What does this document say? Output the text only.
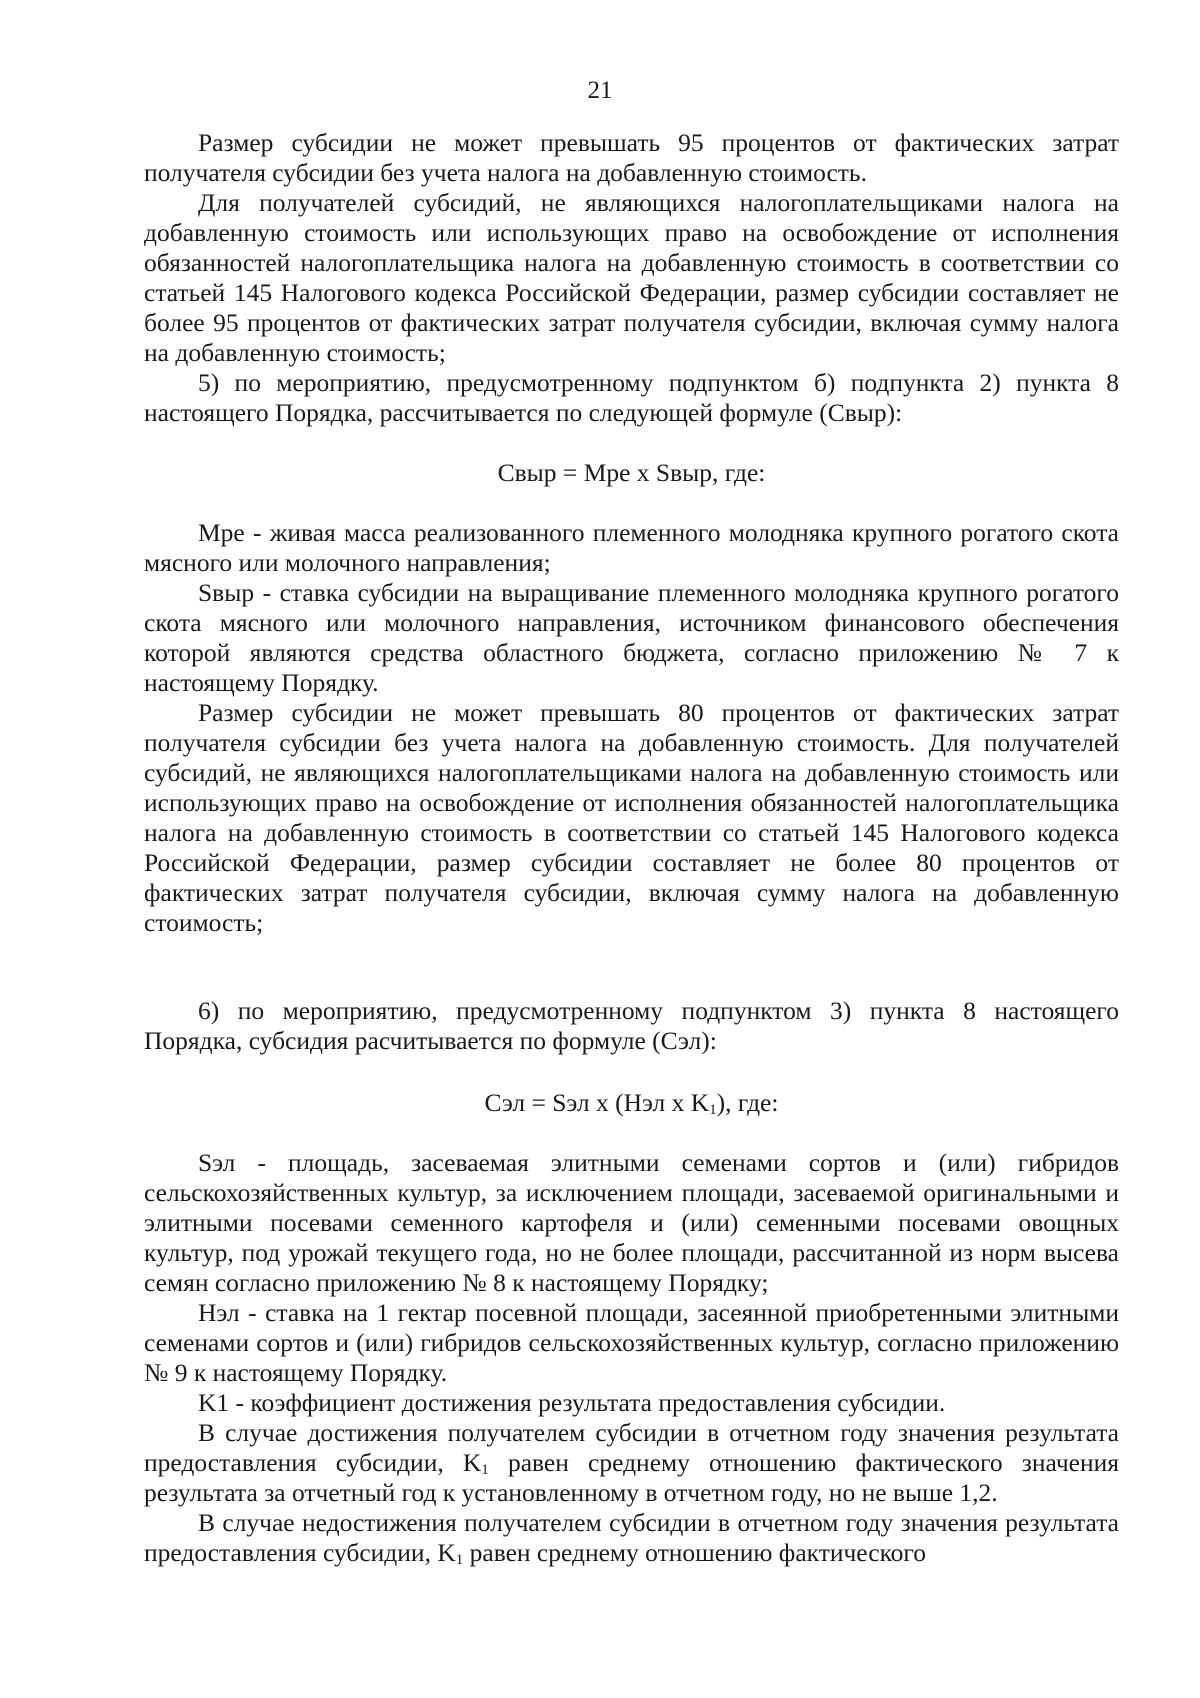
21

Размер субсидии не может превышать 95 процентов от фактических затрат получателя субсидии без учета налога на добавленную стоимость.

Для получателей субсидий, не являющихся налогоплательщиками налога на добавленную стоимость или использующих право на освобождение от исполнения обязанностей налогоплательщика налога на добавленную стоимость в соответствии со статьей 145 Налогового кодекса Российской Федерации, размер субсидии составляет не более 95 процентов от фактических затрат получателя субсидии, включая сумму налога на добавленную стоимость;

5) по мероприятию, предусмотренному подпунктом б) подпункта 2) пункта 8 настоящего Порядка, рассчитывается по следующей формуле (Свыр):

Свыр = Мре x Sвыр, где:

Мре - живая масса реализованного племенного молодняка крупного рогатого скота мясного или молочного направления;

Sвыр - ставка субсидии на выращивание племенного молодняка крупного рогатого скота мясного или молочного направления, источником финансового обеспечения которой являются средства областного бюджета, согласно приложению № 7 к настоящему Порядку.

Размер субсидии не может превышать 80 процентов от фактических затрат получателя субсидии без учета налога на добавленную стоимость. Для получателей субсидий, не являющихся налогоплательщиками налога на добавленную стоимость или использующих право на освобождение от исполнения обязанностей налогоплательщика налога на добавленную стоимость в соответствии со статьей 145 Налогового кодекса Российской Федерации, размер субсидии составляет не более 80 процентов от фактических затрат получателя субсидии, включая сумму налога на добавленную стоимость;

6) по мероприятию, предусмотренному подпунктом 3) пункта 8 настоящего Порядка, субсидия расчитывается по формуле (Сэл):

Сэл = Sэл x (Нэл x $K_1$), где:

Sэл - площадь, засеваемая элитными семенами сортов и (или) гибридов сельскохозяйственных культур, за исключением площади, засеваемой оригинальными и элитными посевами семенного картофеля и (или) семенными посевами овощных культур, под урожай текущего года, но не более площади, рассчитанной из норм высева семян согласно приложению № 8 к настоящему Порядку;

Нэл - ставка на 1 гектар посевной площади, засеянной приобретенными элитными семенами сортов и (или) гибридов сельскохозяйственных культур, согласно приложению № 9 к настоящему Порядку.

K1 - коэффициент достижения результата предоставления субсидии.

В случае достижения получателем субсидии в отчетном году значения результата предоставления субсидии, $K_1$ равен среднему отношению фактического значения результата за отчетный год к установленному в отчетном году, но не выше 1,2.

В случае недостижения получателем субсидии в отчетном году значения результата предоставления субсидии, $K_1$ равен среднему отношению фактического
